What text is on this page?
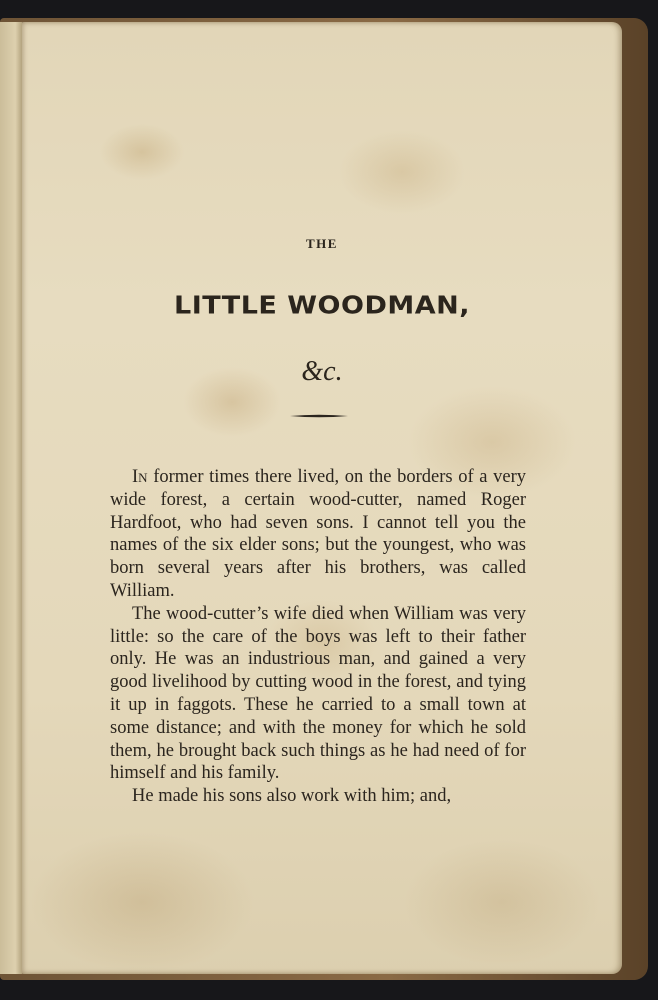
THE
LITTLE WOODMAN,
&c.

In former times there lived, on the borders of a very wide forest, a certain wood-cutter, named Roger Hardfoot, who had seven sons. I cannot tell you the names of the six elder sons; but the youngest, who was born several years after his brothers, was called William.

The wood-cutter’s wife died when William was very little: so the care of the boys was left to their father only. He was an industrious man, and gained a very good livelihood by cutting wood in the forest, and tying it up in faggots. These he carried to a small town at some distance; and with the money for which he sold them, he brought back such things as he had need of for himself and his family.

He made his sons also work with him; and,
